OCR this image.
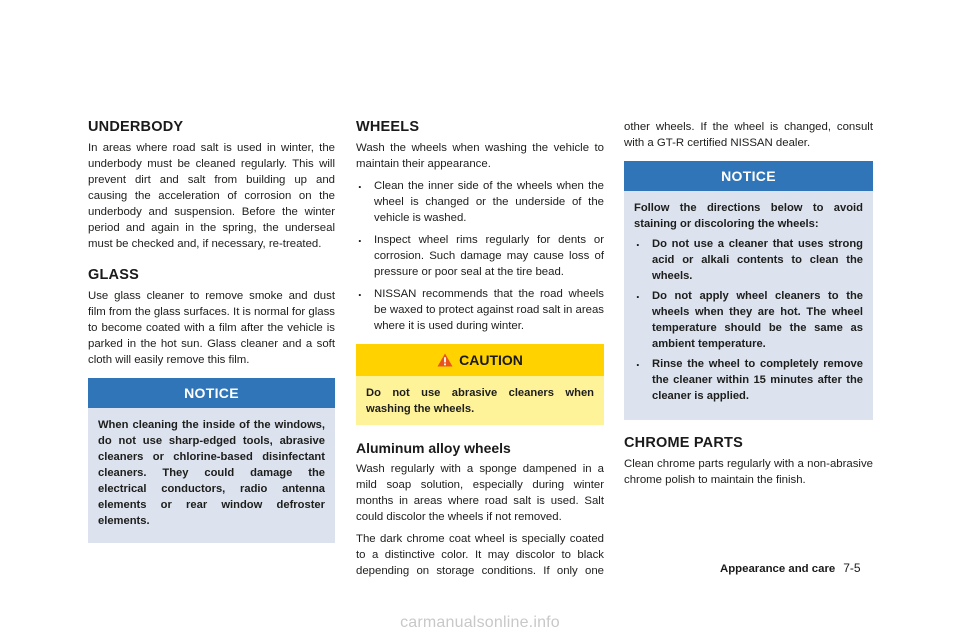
UNDERBODY

In areas where road salt is used in winter, the underbody must be cleaned regularly. This will prevent dirt and salt from building up and causing the acceleration of corrosion on the underbody and suspension. Before the winter period and again in the spring, the underseal must be checked and, if necessary, re-treated.

GLASS

Use glass cleaner to remove smoke and dust film from the glass surfaces. It is normal for glass to become coated with a film after the vehicle is parked in the hot sun. Glass cleaner and a soft cloth will easily remove this film.

NOTICE

When cleaning the inside of the windows, do not use sharp-edged tools, abrasive cleaners or chlorine-based disinfectant cleaners. They could damage the electrical conductors, radio antenna elements or rear window defroster elements.

WHEELS

Wash the wheels when washing the vehicle to maintain their appearance.

. Clean the inner side of the wheels when the wheel is changed or the underside of the vehicle is washed.
. Inspect wheel rims regularly for dents or corrosion. Such damage may cause loss of pressure or poor seal at the tire bead.
. NISSAN recommends that the road wheels be waxed to protect against road salt in areas where it is used during winter.
CAUTION

Do not use abrasive cleaners when washing the wheels.

Aluminum alloy wheels

Wash regularly with a sponge dampened in a mild soap solution, especially during winter months in areas where road salt is used. Salt could discolor the wheels if not removed.

The dark chrome coat wheel is specially coated to a distinctive color. It may discolor to black depending on storage conditions. If only one

other wheels. If the wheel is changed, consult with a GT-R certified NISSAN dealer.

NOTICE

Follow the directions below to avoid staining or discoloring the wheels:

. Do not use a cleaner that uses strong acid or alkali contents to clean the wheels.
. Do not apply wheel cleaners to the wheels when they are hot. The wheel temperature should be the same as ambient temperature.
. Rinse the wheel to completely remove the cleaner within 15 minutes after the cleaner is applied.
CHROME PARTS

Clean chrome parts regularly with a non-abrasive chrome polish to maintain the finish.

Appearance and care 7-5
carmanualsonline.info
